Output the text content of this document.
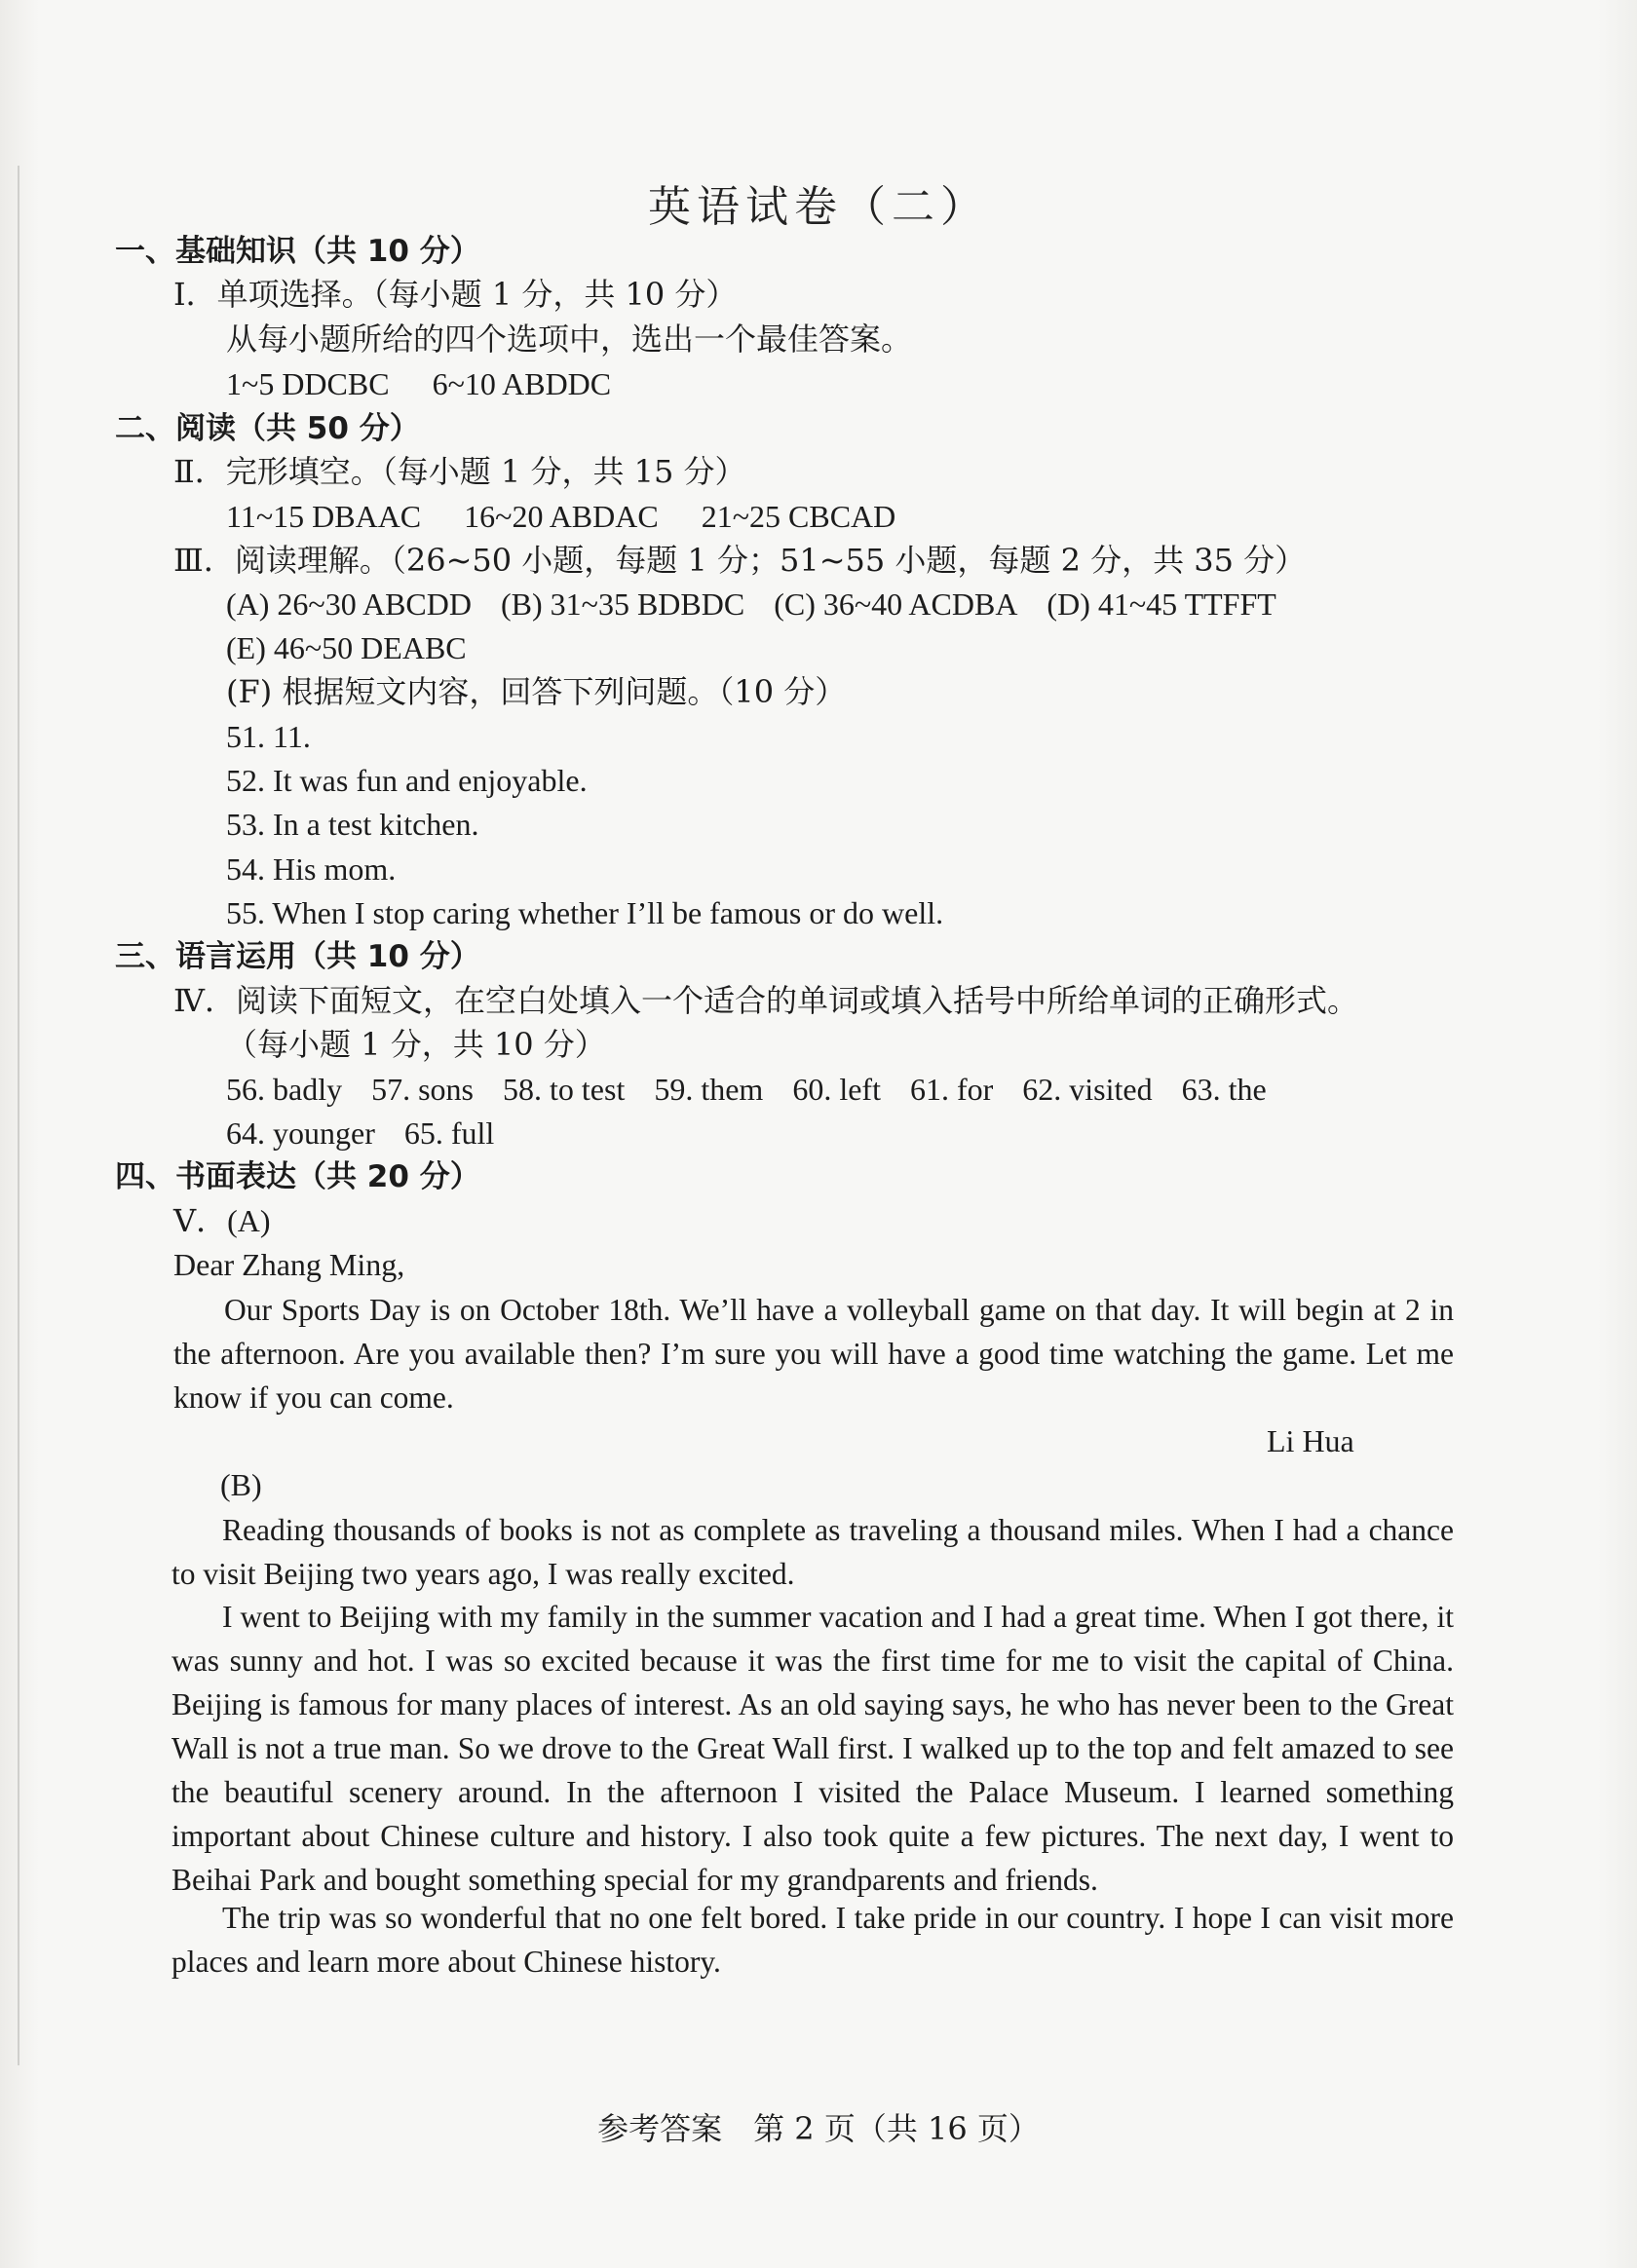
英语试卷（二）
一、基础知识（共 10 分）
Ⅰ．单项选择。（每小题 1 分，共 10 分）
从每小题所给的四个选项中，选出一个最佳答案。
1~5 DDCBC 6~10 ABDDC
二、阅读（共 50 分）
Ⅱ．完形填空。（每小题 1 分，共 15 分）
11~15 DBAAC 16~20 ABDAC 21~25 CBCAD
Ⅲ．阅读理解。（26~50 小题，每题 1 分；51~55 小题，每题 2 分，共 35 分）
(A) 26~30 ABCDD (B) 31~35 BDBDC (C) 36~40 ACDBA (D) 41~45 TTFFT
(E) 46~50 DEABC
(F) 根据短文内容，回答下列问题。（10 分）
51. 11.
52. It was fun and enjoyable.
53. In a test kitchen.
54. His mom.
55. When I stop caring whether I’ll be famous or do well.
三、语言运用（共 10 分）
Ⅳ．阅读下面短文，在空白处填入一个适合的单词或填入括号中所给单词的正确形式。
（每小题 1 分，共 10 分）
56. badly 57. sons 58. to test 59. them 60. left 61. for 62. visited 63. the
64. younger 65. full
四、书面表达（共 20 分）
Ⅴ．(A)
Dear Zhang Ming,
Our Sports Day is on October 18th. We’ll have a volleyball game on that day. It will begin at 2 in the afternoon. Are you available then? I’m sure you will have a good time watching the game. Let me know if you can come.
Li Hua
(B)
Reading thousands of books is not as complete as traveling a thousand miles. When I had a chance to visit Beijing two years ago, I was really excited.
I went to Beijing with my family in the summer vacation and I had a great time. When I got there, it was sunny and hot. I was so excited because it was the first time for me to visit the capital of China. Beijing is famous for many places of interest. As an old saying says, he who has never been to the Great Wall is not a true man. So we drove to the Great Wall first. I walked up to the top and felt amazed to see the beautiful scenery around. In the afternoon I visited the Palace Museum. I learned something important about Chinese culture and history. I also took quite a few pictures. The next day, I went to Beihai Park and bought something special for my grandparents and friends.
The trip was so wonderful that no one felt bored. I take pride in our country. I hope I can visit more places and learn more about Chinese history.
参考答案　第 2 页（共 16 页）
